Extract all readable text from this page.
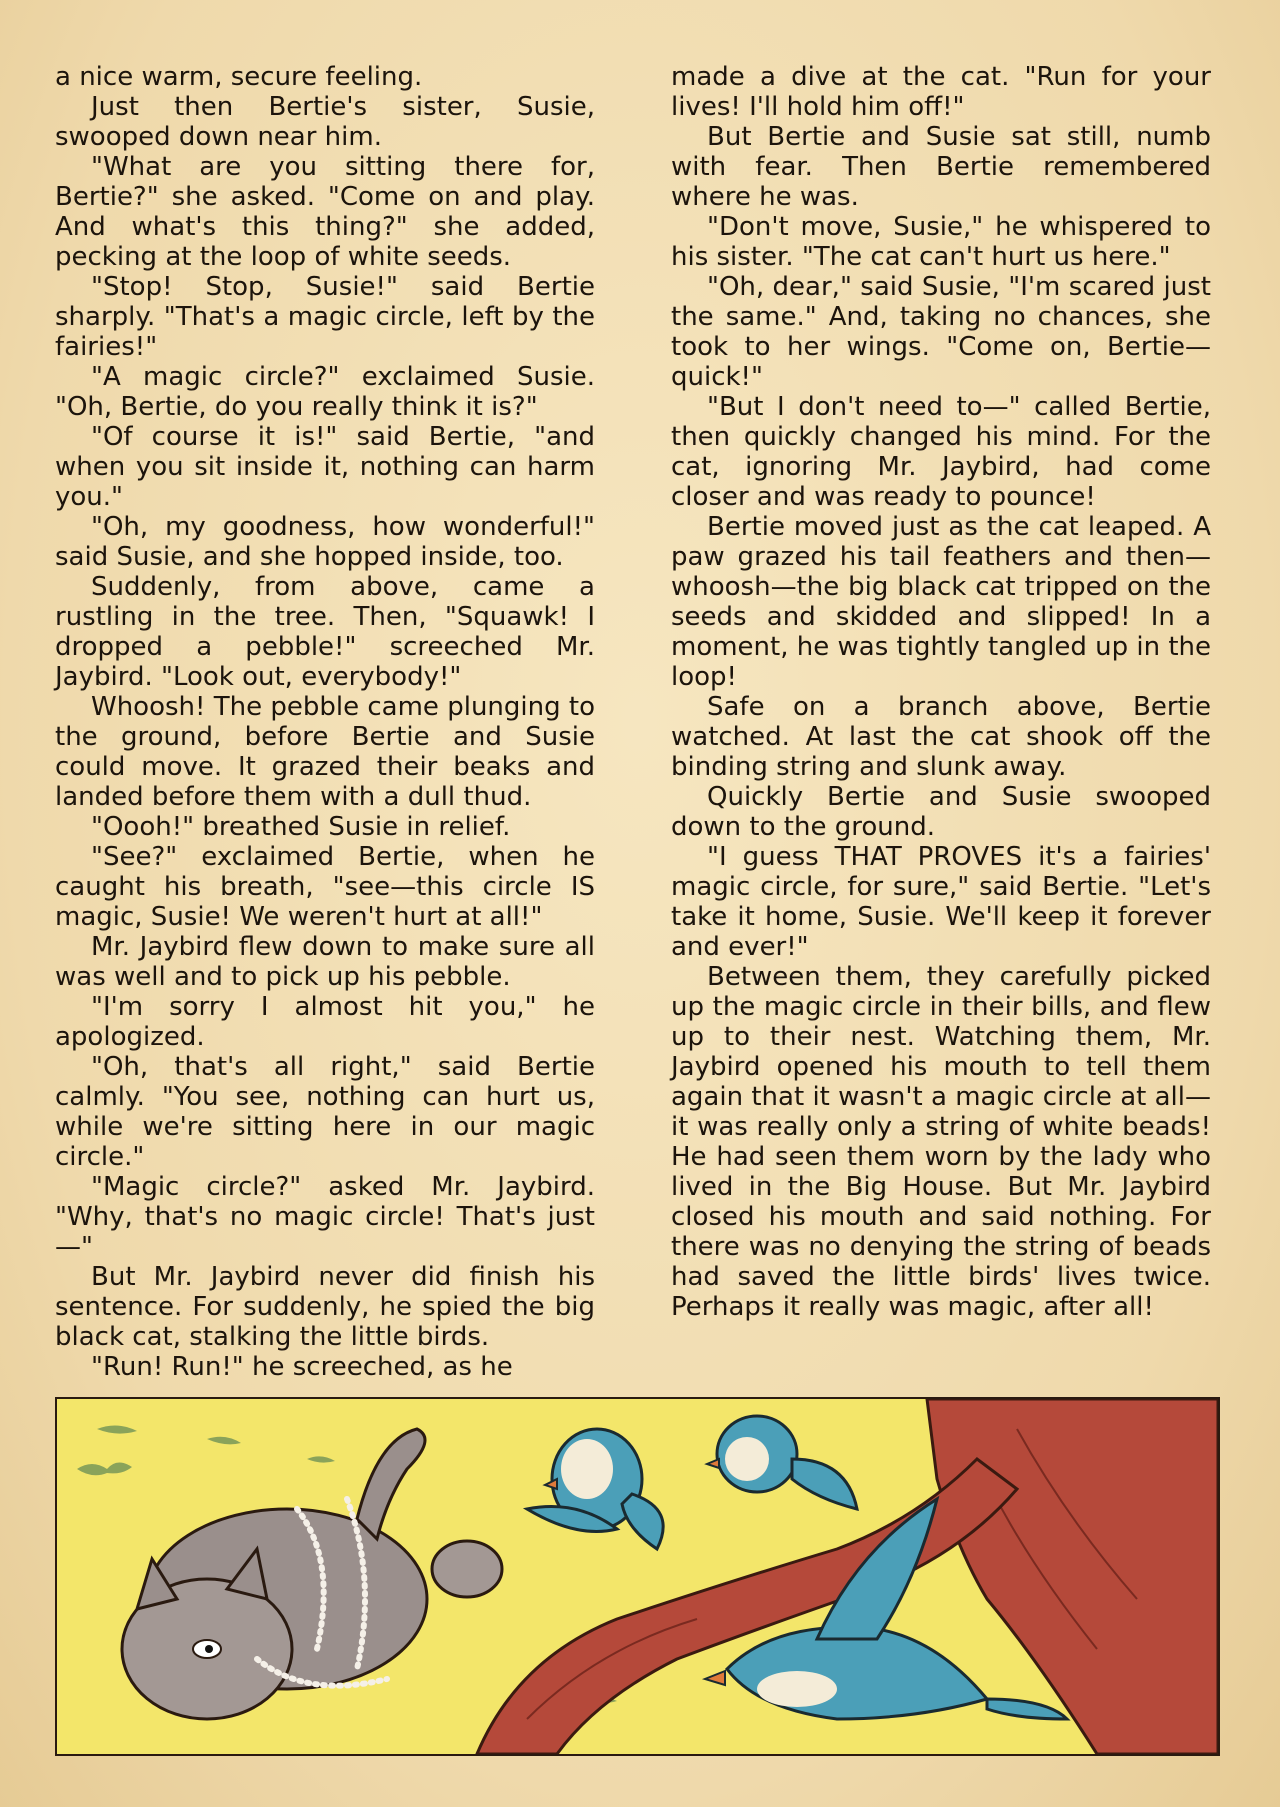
a nice warm, secure feeling.

Just then Bertie's sister, Susie, swooped down near him.

"What are you sitting there for, Bertie?" she asked. "Come on and play. And what's this thing?" she added, pecking at the loop of white seeds.

"Stop! Stop, Susie!" said Bertie sharply. "That's a magic circle, left by the fairies!"

"A magic circle?" exclaimed Susie. "Oh, Bertie, do you really think it is?"

"Of course it is!" said Bertie, "and when you sit inside it, nothing can harm you."

"Oh, my goodness, how wonderful!" said Susie, and she hopped inside, too.

Suddenly, from above, came a rustling in the tree. Then, "Squawk! I dropped a pebble!" screeched Mr. Jaybird. "Look out, everybody!"

Whoosh! The pebble came plunging to the ground, before Bertie and Susie could move. It grazed their beaks and landed before them with a dull thud.

"Oooh!" breathed Susie in relief.

"See?" exclaimed Bertie, when he caught his breath, "see—this circle IS magic, Susie! We weren't hurt at all!"

Mr. Jaybird flew down to make sure all was well and to pick up his pebble.

"I'm sorry I almost hit you," he apologized.

"Oh, that's all right," said Bertie calmly. "You see, nothing can hurt us, while we're sitting here in our magic circle."

"Magic circle?" asked Mr. Jaybird. "Why, that's no magic circle! That's just—"

But Mr. Jaybird never did finish his sentence. For suddenly, he spied the big black cat, stalking the little birds.

"Run! Run!" he screeched, as he

made a dive at the cat. "Run for your lives! I'll hold him off!"

But Bertie and Susie sat still, numb with fear. Then Bertie remembered where he was.

"Don't move, Susie," he whispered to his sister. "The cat can't hurt us here."

"Oh, dear," said Susie, "I'm scared just the same." And, taking no chances, she took to her wings. "Come on, Bertie—quick!"

"But I don't need to—" called Bertie, then quickly changed his mind. For the cat, ignoring Mr. Jaybird, had come closer and was ready to pounce!

Bertie moved just as the cat leaped. A paw grazed his tail feathers and then—whoosh—the big black cat tripped on the seeds and skidded and slipped! In a moment, he was tightly tangled up in the loop!

Safe on a branch above, Bertie watched. At last the cat shook off the binding string and slunk away.

Quickly Bertie and Susie swooped down to the ground.

"I guess THAT PROVES it's a fairies' magic circle, for sure," said Bertie. "Let's take it home, Susie. We'll keep it forever and ever!"

Between them, they carefully picked up the magic circle in their bills, and flew up to their nest. Watching them, Mr. Jaybird opened his mouth to tell them again that it wasn't a magic circle at all—it was really only a string of white beads! He had seen them worn by the lady who lived in the Big House. But Mr. Jaybird closed his mouth and said nothing. For there was no denying the string of beads had saved the little birds' lives twice. Perhaps it really was magic, after all!
